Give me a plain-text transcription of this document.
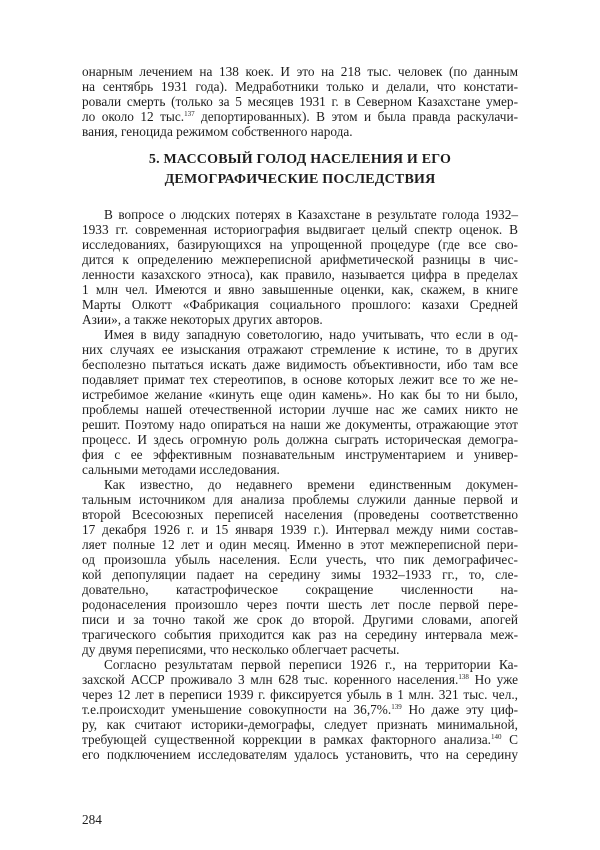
онарным лечением на 138 коек. И это на 218 тыс. человек (по данным
на сентябрь 1931 года). Медработники только и делали, что констати-
ровали смерть (только за 5 месяцев 1931 г. в Северном Казахстане умер-
ло около 12 тыс.$^{137}$ депортированных). В этом и была правда раскулачи-
вания, геноцида режимом собственного народа.
5. МАССОВЫЙ ГОЛОД НАСЕЛЕНИЯ И ЕГО
ДЕМОГРАФИЧЕСКИЕ ПОСЛЕДСТВИЯ
В вопросе о людских потерях в Казахстане в результате голода 1932–
1933 гг. современная историография выдвигает целый спектр оценок. В
исследованиях, базирующихся на упрощенной процедуре (где все сво-
дится к определению межпереписной арифметической разницы в чис-
ленности казахского этноса), как правило, называется цифра в пределах
1 млн чел. Имеются и явно завышенные оценки, как, скажем, в книге
Марты Олкотт «Фабрикация социального прошлого: казахи Средней
Азии», а также некоторых других авторов.
Имея в виду западную советологию, надо учитывать, что если в од-
них случаях ее изыскания отражают стремление к истине, то в других
бесполезно пытаться искать даже видимость объективности, ибо там все
подавляет примат тех стереотипов, в основе которых лежит все то же не-
истребимое желание «кинуть еще один камень». Но как бы то ни было,
проблемы нашей отечественной истории лучше нас же самих никто не
решит. Поэтому надо опираться на наши же документы, отражающие этот
процесс. И здесь огромную роль должна сыграть историческая демогра-
фия с ее эффективным познавательным инструментарием и универ-
сальными методами исследования.
Как известно, до недавнего времени единственным докумен-
тальным источником для анализа проблемы служили данные первой и
второй Всесоюзных переписей населения (проведены соответственно
17 декабря 1926 г. и 15 января 1939 г.). Интервал между ними состав-
ляет полные 12 лет и один месяц. Именно в этот межпереписной пери-
од произошла убыль населения. Если учесть, что пик демографичес-
кой депопуляции падает на середину зимы 1932–1933 гг., то, сле-
довательно, катастрофическое сокращение численности на-
родонаселения произошло через почти шесть лет после первой пере-
писи и за точно такой же срок до второй. Другими словами, апогей
трагического события приходится как раз на середину интервала меж-
ду двумя переписями, что несколько облегчает расчеты.
Согласно результатам первой переписи 1926 г., на территории Ка-
захской АССР проживало 3 млн 628 тыс. коренного населения.$^{138}$ Но уже
через 12 лет в переписи 1939 г. фиксируется убыль в 1 млн. 321 тыс. чел.,
т.е.происходит уменьшение совокупности на 36,7%.$^{139}$ Но даже эту циф-
ру, как считают историки-демографы, следует признать минимальной,
требующей существенной коррекции в рамках факторного анализа.$^{140}$ С
его подключением исследователям удалось установить, что на середину
284
